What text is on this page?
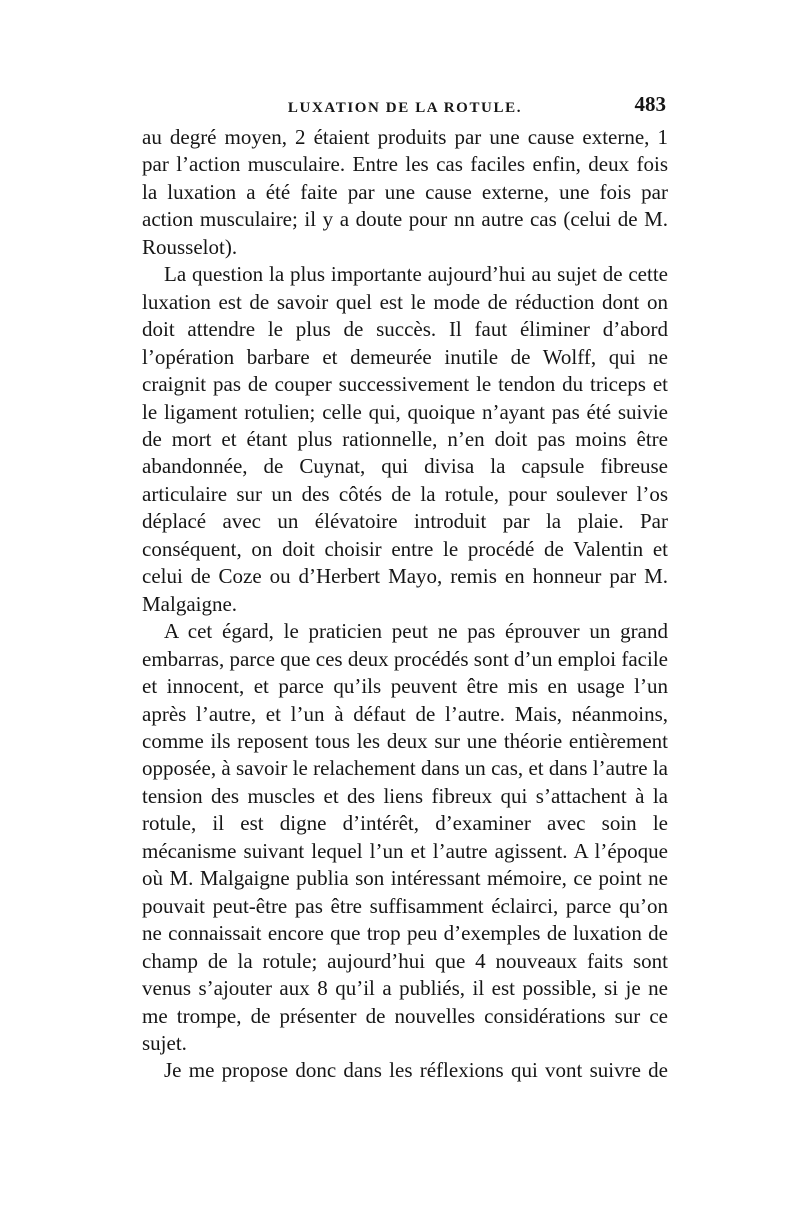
LUXATION DE LA ROTULE.	483

au degré moyen, 2 étaient produits par une cause externe, 1 par l’action musculaire. Entre les cas faciles enfin, deux fois la luxation a été faite par une cause externe, une fois par action musculaire; il y a doute pour nn autre cas (celui de M. Rousselot).

La question la plus importante aujourd’hui au sujet de cette luxation est de savoir quel est le mode de réduction dont on doit attendre le plus de succès. Il faut éliminer d’abord l’opération barbare et demeurée inutile de Wolff, qui ne craignit pas de couper successivement le tendon du triceps et le ligament rotulien; celle qui, quoique n’ayant pas été suivie de mort et étant plus rationnelle, n’en doit pas moins être abandonnée, de Cuynat, qui divisa la capsule fibreuse articulaire sur un des côtés de la rotule, pour soulever l’os déplacé avec un élévatoire introduit par la plaie. Par conséquent, on doit choisir entre le procédé de Valentin et celui de Coze ou d’Herbert Mayo, remis en honneur par M. Malgaigne.

A cet égard, le praticien peut ne pas éprouver un grand embarras, parce que ces deux procédés sont d’un emploi facile et innocent, et parce qu’ils peuvent être mis en usage l’un après l’autre, et l’un à défaut de l’autre. Mais, néanmoins, comme ils reposent tous les deux sur une théorie entièrement opposée, à savoir le relachement dans un cas, et dans l’autre la tension des muscles et des liens fibreux qui s’attachent à la rotule, il est digne d’intérêt, d’examiner avec soin le mécanisme suivant lequel l’un et l’autre agissent. A l’époque où M. Malgaigne publia son intéressant mémoire, ce point ne pouvait peut-être pas être suffisamment éclairci, parce qu’on ne connaissait encore que trop peu d’exemples de luxation de champ de la rotule; aujourd’hui que 4 nouveaux faits sont venus s’ajouter aux 8 qu’il a publiés, il est possible, si je ne me trompe, de présenter de nouvelles considérations sur ce sujet.

Je me propose donc dans les réflexions qui vont suivre de
